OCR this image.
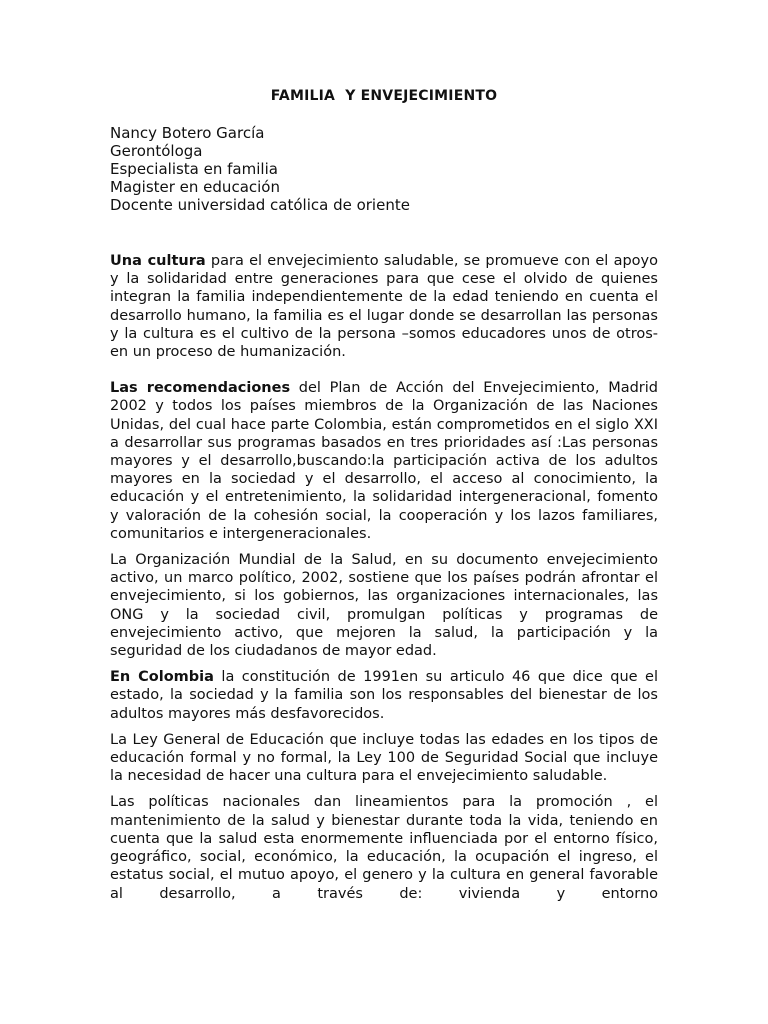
FAMILIA  Y ENVEJECIMIENTO
Nancy Botero García
Gerontóloga
Especialista en familia
Magister en educación
Docente universidad católica de oriente

Una cultura para el envejecimiento saludable, se promueve con el apoyo y la solidaridad entre generaciones para que cese el olvido de quienes integran la familia independientemente de la edad teniendo en cuenta el desarrollo humano, la familia es el lugar donde se desarrollan las personas y la cultura es el cultivo de la persona –somos educadores unos de otros- en un proceso de humanización.

Las recomendaciones del Plan de Acción del Envejecimiento, Madrid 2002 y todos los países miembros de la Organización de las Naciones Unidas, del cual hace parte Colombia, están comprometidos en el siglo XXI a desarrollar sus programas basados en tres prioridades así :Las personas mayores y el desarrollo,buscando:la participación activa de los adultos mayores en la sociedad y el desarrollo, el acceso al conocimiento, la educación y el entretenimiento, la solidaridad intergeneracional, fomento y valoración de la cohesión social, la cooperación y los lazos familiares, comunitarios e intergeneracionales.

La Organización Mundial de la Salud, en su documento envejecimiento activo, un marco político, 2002, sostiene que los países podrán afrontar el envejecimiento, si los gobiernos, las organizaciones internacionales, las ONG y la sociedad civil, promulgan políticas y programas de envejecimiento activo, que mejoren la salud, la participación y la seguridad de los ciudadanos de mayor edad.

En Colombia la constitución de 1991en su articulo 46 que dice que el estado, la sociedad y la familia son los responsables del bienestar de los adultos mayores más desfavorecidos.

La Ley General de Educación que incluye todas las edades en los tipos de educación formal y no formal, la Ley 100 de Seguridad Social que incluye la necesidad de hacer una cultura para el envejecimiento saludable.

Las políticas nacionales dan lineamientos para la promoción , el mantenimiento de la salud y bienestar durante toda la vida, teniendo en cuenta que la salud esta enormemente influenciada por el entorno físico, geográfico, social, económico, la educación, la ocupación el ingreso, el estatus social, el mutuo apoyo, el genero y la cultura en general favorable al desarrollo, a través de: vivienda y entorno
